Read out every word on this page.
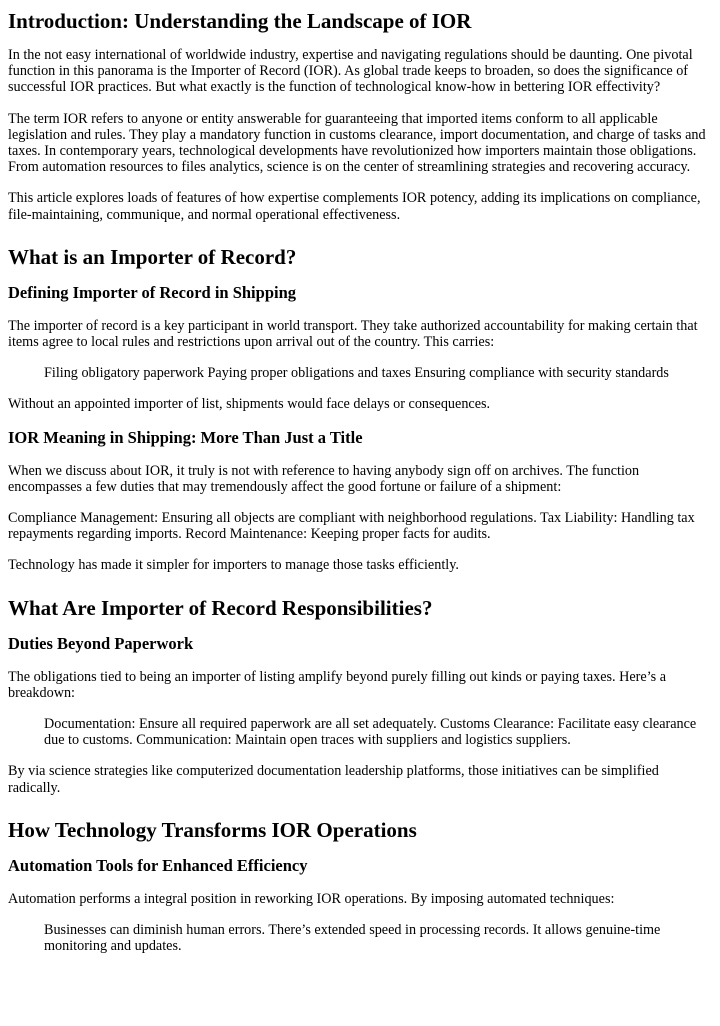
Introduction: Understanding the Landscape of IOR

In the not easy international of worldwide industry, expertise and navigating regulations should be daunting. One pivotal function in this panorama is the Importer of Record (IOR). As global trade keeps to broaden, so does the significance of successful IOR practices. But what exactly is the function of technological know-how in bettering IOR effectivity?

The term IOR refers to anyone or entity answerable for guaranteeing that imported items conform to all applicable legislation and rules. They play a mandatory function in customs clearance, import documentation, and charge of tasks and taxes. In contemporary years, technological developments have revolutionized how importers maintain those obligations. From automation resources to files analytics, science is on the center of streamlining strategies and recovering accuracy.

This article explores loads of features of how expertise complements IOR potency, adding its implications on compliance, file-maintaining, communique, and normal operational effectiveness.

What is an Importer of Record?
Defining Importer of Record in Shipping

The importer of record is a key participant in world transport. They take authorized accountability for making certain that items agree to local rules and restrictions upon arrival out of the country. This carries:

Filing obligatory paperwork Paying proper obligations and taxes Ensuring compliance with security standards

Without an appointed importer of list, shipments would face delays or consequences.

IOR Meaning in Shipping: More Than Just a Title

When we discuss about IOR, it truly is not with reference to having anybody sign off on archives. The function encompasses a few duties that may tremendously affect the good fortune or failure of a shipment:

Compliance Management: Ensuring all objects are compliant with neighborhood regulations. Tax Liability: Handling tax repayments regarding imports. Record Maintenance: Keeping proper facts for audits.

Technology has made it simpler for importers to manage those tasks efficiently.

What Are Importer of Record Responsibilities?
Duties Beyond Paperwork

The obligations tied to being an importer of listing amplify beyond purely filling out kinds or paying taxes. Here’s a breakdown:

Documentation: Ensure all required paperwork are all set adequately. Customs Clearance: Facilitate easy clearance due to customs. Communication: Maintain open traces with suppliers and logistics suppliers.

By via science strategies like computerized documentation leadership platforms, those initiatives can be simplified radically.

How Technology Transforms IOR Operations
Automation Tools for Enhanced Efficiency

Automation performs a integral position in reworking IOR operations. By imposing automated techniques:

Businesses can diminish human errors. There’s extended speed in processing records. It allows genuine-time monitoring and updates.
